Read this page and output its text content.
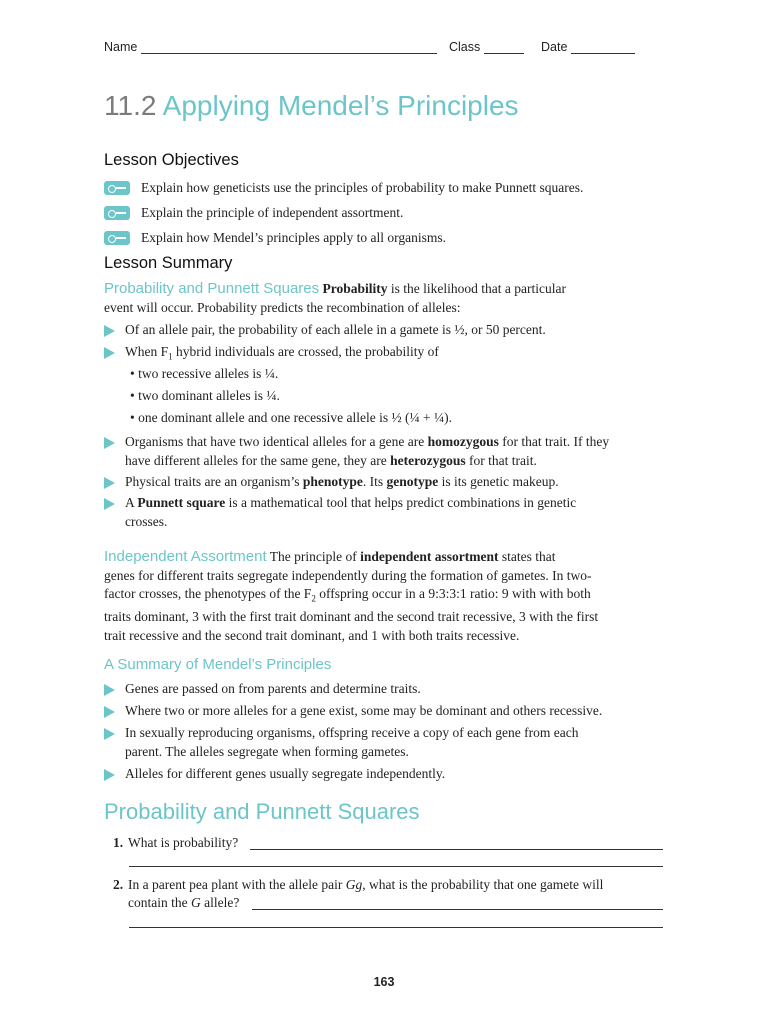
Name	Class	Date
11.2 Applying Mendel’s Principles
Lesson Objectives
Explain how geneticists use the principles of probability to make Punnett squares.
Explain the principle of independent assortment.
Explain how Mendel’s principles apply to all organisms.
Lesson Summary
Probability and Punnett Squares Probability is the likelihood that a particular
event will occur. Probability predicts the recombination of alleles:
Of an allele pair, the probability of each allele in a gamete is ½, or 50 percent.
When $F_1$ hybrid individuals are crossed, the probability of
• two recessive alleles is ¼.
• two dominant alleles is ¼.
• one dominant allele and one recessive allele is ½ (¼ + ¼).
Organisms that have two identical alleles for a gene are homozygous for that trait. If they
have different alleles for the same gene, they are heterozygous for that trait.
Physical traits are an organism’s phenotype. Its genotype is its genetic makeup.
A Punnett square is a mathematical tool that helps predict combinations in genetic
crosses.
Independent Assortment The principle of independent assortment states that
genes for different traits segregate independently during the formation of gametes. In two-
factor crosses, the phenotypes of the $F_2$ offspring occur in a 9:3:3:1 ratio: 9 with with both
traits dominant, 3 with the first trait dominant and the second trait recessive, 3 with the first
trait recessive and the second trait dominant, and 1 with both traits recessive.
A Summary of Mendel’s Principles
Genes are passed on from parents and determine traits.
Where two or more alleles for a gene exist, some may be dominant and others recessive.
In sexually reproducing organisms, offspring receive a copy of each gene from each
parent. The alleles segregate when forming gametes.
Alleles for different genes usually segregate independently.
Probability and Punnett Squares
1. What is probability?
2. In a parent pea plant with the allele pair Gg, what is the probability that one gamete will
contain the G allele?
163
